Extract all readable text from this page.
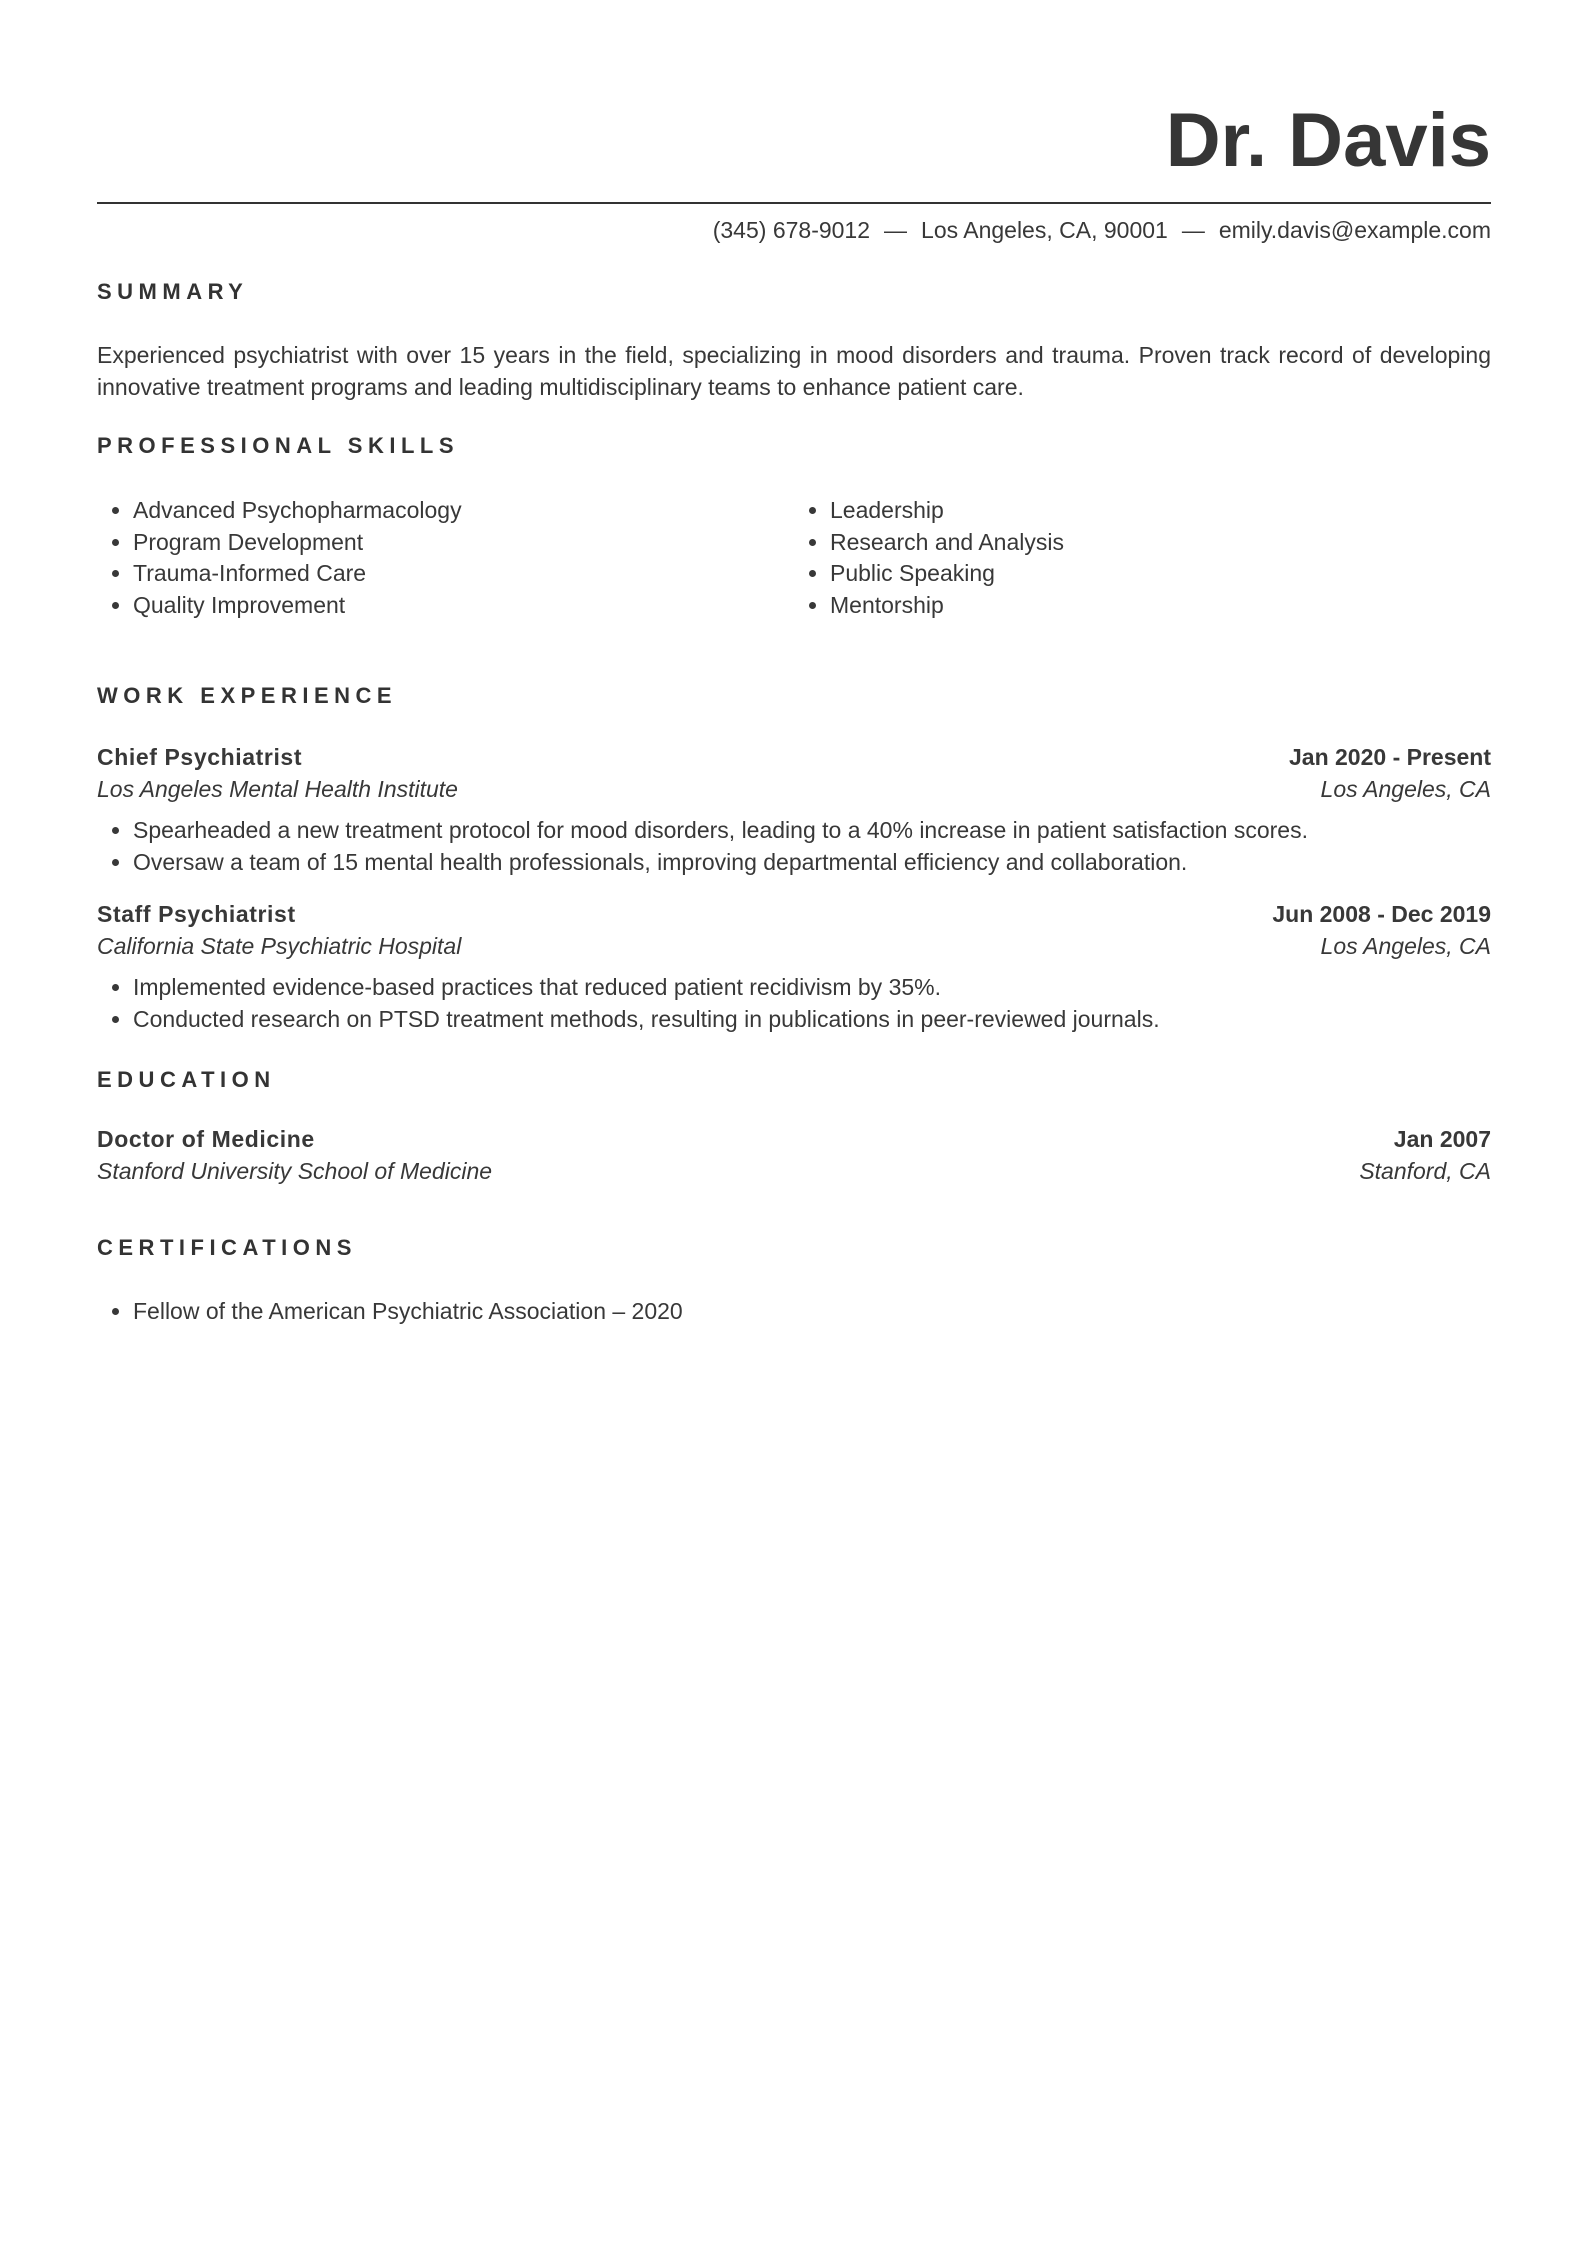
Dr. Davis
(345) 678-9012 — Los Angeles, CA, 90001 — emily.davis@example.com
SUMMARY

Experienced psychiatrist with over 15 years in the field, specializing in mood disorders and trauma. Proven track record of developing innovative treatment programs and leading multidisciplinary teams to enhance patient care.

PROFESSIONAL SKILLS
• Advanced Psychopharmacology
• Program Development
• Trauma-Informed Care
• Quality Improvement
• Leadership
• Research and Analysis
• Public Speaking
• Mentorship
WORK EXPERIENCE
Chief Psychiatrist	Jan 2020 - Present
Los Angeles Mental Health Institute	Los Angeles, CA
• Spearheaded a new treatment protocol for mood disorders, leading to a 40% increase in patient satisfaction scores.
• Oversaw a team of 15 mental health professionals, improving departmental efficiency and collaboration.
Staff Psychiatrist	Jun 2008 - Dec 2019
California State Psychiatric Hospital	Los Angeles, CA
• Implemented evidence-based practices that reduced patient recidivism by 35%.
• Conducted research on PTSD treatment methods, resulting in publications in peer-reviewed journals.
EDUCATION
Doctor of Medicine	Jan 2007
Stanford University School of Medicine	Stanford, CA
CERTIFICATIONS
• Fellow of the American Psychiatric Association – 2020
